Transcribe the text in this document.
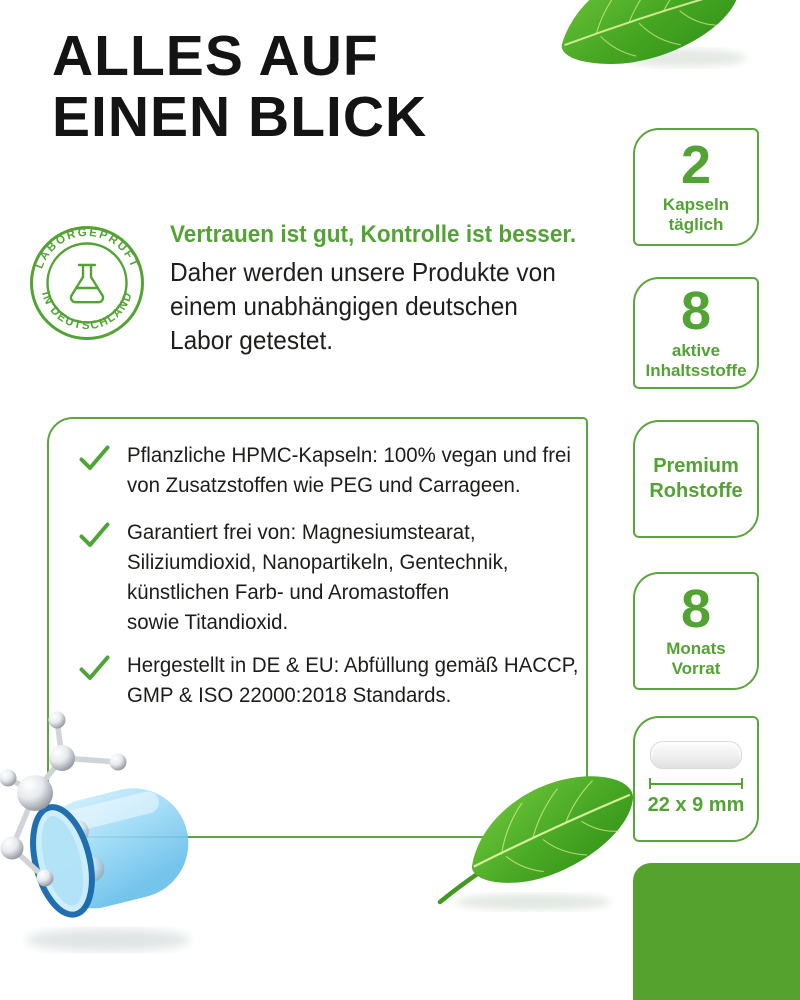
ALLES AUF
EINEN BLICK
LABORGEPRÜFT
IN DEUTSCHLAND
Vertrauen ist gut, Kontrolle ist besser.
Daher werden unsere Produkte von
einem unabhängigen deutschen
Labor getestet.
Pflanzliche HPMC-Kapseln: 100% vegan und frei
von Zusatzstoffen wie PEG und Carrageen.
Garantiert frei von: Magnesiumstearat,
Siliziumdioxid, Nanopartikeln, Gentechnik,
künstlichen Farb- und Aromastoffen
sowie Titandioxid.
Hergestellt in DE & EU: Abfüllung gemäß HACCP,
GMP & ISO 22000:2018 Standards.
2
Kapseln
täglich
8
aktive
Inhaltsstoffe
Premium
Rohstoffe
8
Monats
Vorrat
22 x 9 mm
